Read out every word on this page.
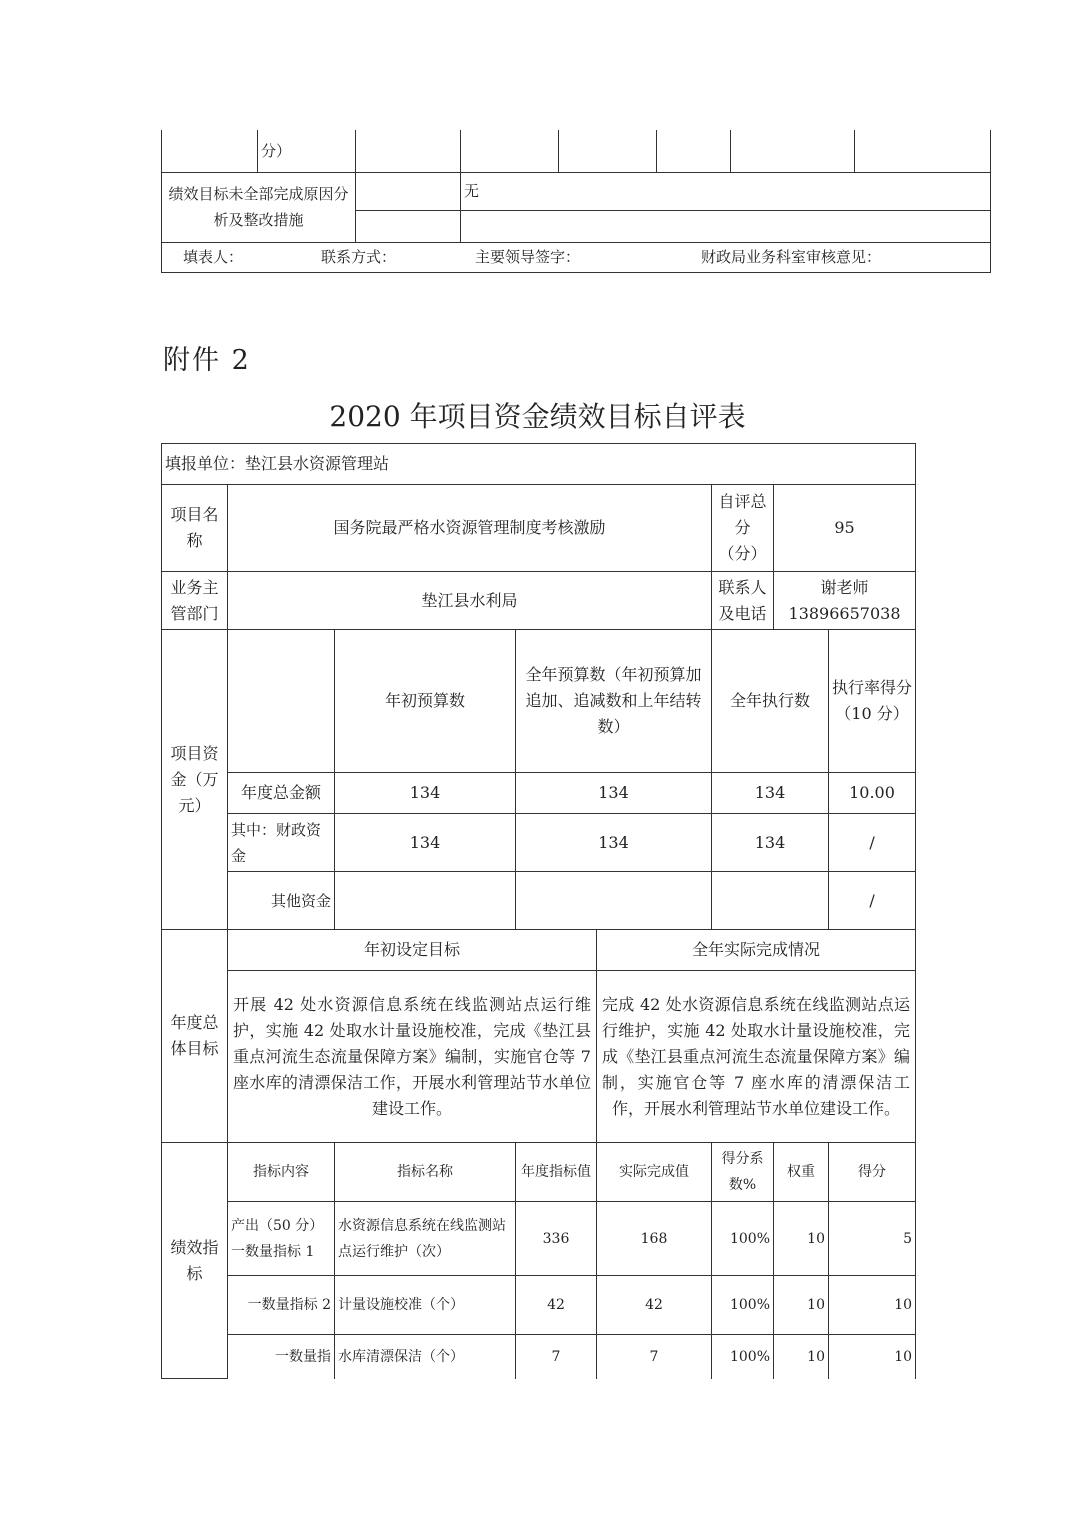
	分）						
绩效目标未全部完成原因分析及整改措施			无				

填表人： 联系方式： 主要领导签字： 财政局业务科室审核意见：							
附件 2
2020 年项目资金绩效目标自评表
填报单位：垫江县水资源管理站							
项目名称	国务院最严格水资源管理制度考核激励				自评总分（分）	95	
业务主管部门	垫江县水利局				联系人及电话	谢老师
13896657038	

项目资金（万元）		年初预算数	全年预算数（年初预算加追加、追减数和上年结转数）		全年执行数		执行率得分（10 分）
	年度总金额	134	134		134		10.00
	其中：财政资金	134	134		134		/
	其他资金						/
年度总体目标	年初设定目标			全年实际完成情况			
	开展 42 处水资源信息系统在线监测站点运行维护，实施 42 处取水计量设施校准，完成《垫江县重点河流生态流量保障方案》编制，实施官仓等 7 座水库的清漂保洁工作，开展水利管理站节水单位建设工作。			完成 42 处水资源信息系统在线监测站点运行维护，实施 42 处取水计量设施校准，完成《垫江县重点河流生态流量保障方案》编制，实施官仓等 7 座水库的清漂保洁工作，开展水利管理站节水单位建设工作。			
绩效指标	指标内容	指标名称	年度指标值	实际完成值	得分系数%	权重	得分
	产出（50 分）一数量指标 1	水资源信息系统在线监测站点运行维护（次）	336	168	100%	10	5
	一数量指标 2	计量设施校准（个）	42	42	100%	10	10
	一数量指	水库清漂保洁（个）	7	7	100%	10	10
